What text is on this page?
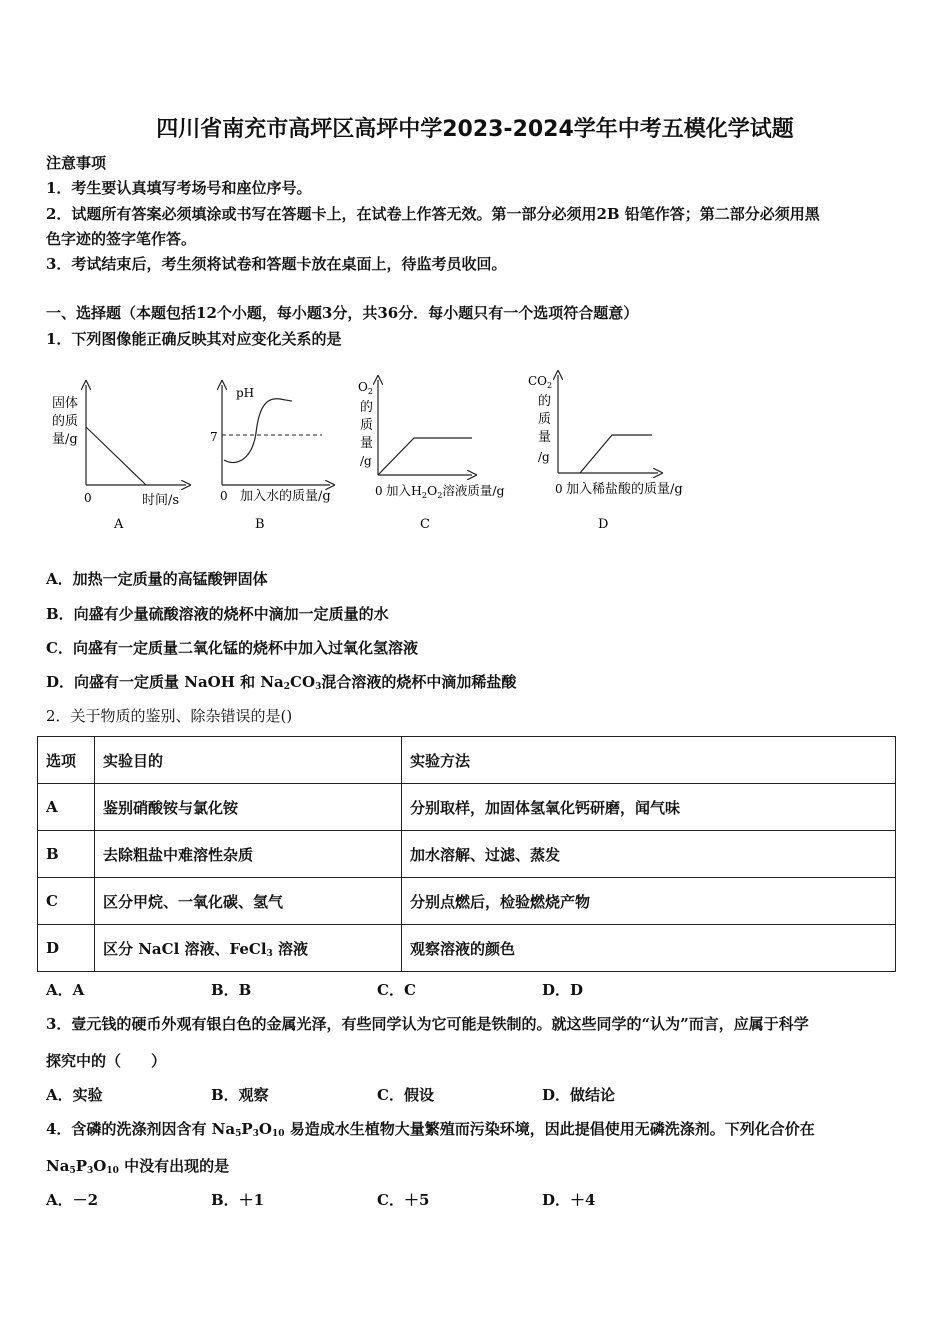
四川省南充市高坪区高坪中学2023-2024学年中考五模化学试题
注意事项
1．考生要认真填写考场号和座位序号。
2．试题所有答案必须填涂或书写在答题卡上，在试卷上作答无效。第一部分必须用2B 铅笔作答；第二部分必须用黑
色字迹的签字笔作答。
3．考试结束后，考生须将试卷和答题卡放在桌面上，待监考员收回。
一、选择题（本题包括12个小题，每小题3分，共36分．每小题只有一个选项符合题意）
1．下列图像能正确反映其对应变化关系的是
固体
的质
量/g
0	时间/s
A
pH
7
0 加入水的质量/g
B
$O_2$
的
质
量
/g
0 加入$H_2O_2$溶液质量/g
C
$CO_2$
的
质
量
/g
0 加入稀盐酸的质量/g
D
A．加热一定质量的高锰酸钾固体
B．向盛有少量硫酸溶液的烧杯中滴加一定质量的水
C．向盛有一定质量二氧化锰的烧杯中加入过氧化氢溶液
D．向盛有一定质量 NaOH 和 $Na_2CO_3$混合溶液的烧杯中滴加稀盐酸
2．关于物质的鉴别、除杂错误的是()
选项	实验目的	实验方法
A	鉴别硝酸铵与氯化铵	分别取样，加固体氢氧化钙研磨，闻气味
B	去除粗盐中难溶性杂质	加水溶解、过滤、蒸发
C	区分甲烷、一氧化碳、氢气	分别点燃后，检验燃烧产物
D	区分 NaCl 溶液、FeCl$_3$ 溶液	观察溶液的颜色
A．A	B．B	C．C	D．D
3．壹元钱的硬币外观有银白色的金属光泽，有些同学认为它可能是铁制的。就这些同学的“认为”而言，应属于科学
探究中的（　　）
A．实验	B．观察	C．假设	D．做结论
4．含磷的洗涤剂因含有 $Na_5P_3O_{10}$ 易造成水生植物大量繁殖而污染环境，因此提倡使用无磷洗涤剂。下列化合价在
$Na_5P_3O_{10}$ 中没有出现的是
A．－2	B．＋1	C．＋5	D．＋4
